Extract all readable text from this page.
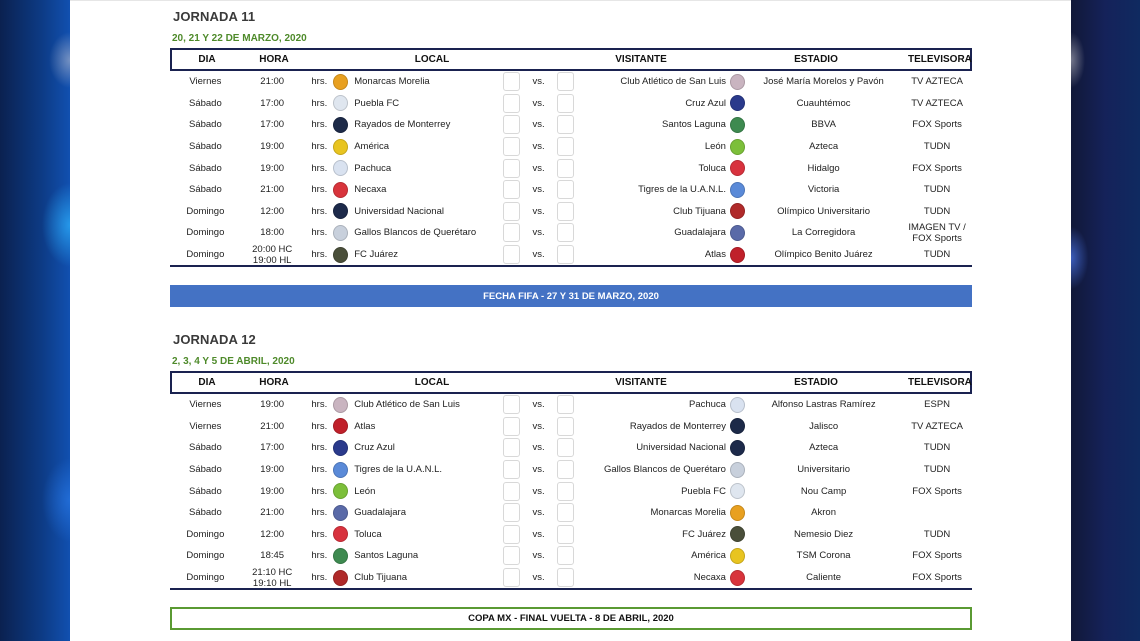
JORNADA 11
20, 21 Y 22 DE MARZO, 2020
DIA	HORA	LOCAL	VISITANTE	ESTADIO	TELEVISORA
Viernes	21:00	hrs.	Monarcas Morelia	vs.	Club Atlético de San Luis	José María Morelos y Pavón	TV AZTECA
Sábado	17:00	hrs.	Puebla FC	vs.	Cruz Azul	Cuauhtémoc	TV AZTECA
Sábado	17:00	hrs.	Rayados de Monterrey	vs.	Santos Laguna	BBVA	FOX Sports
Sábado	19:00	hrs.	América	vs.	León	Azteca	TUDN
Sábado	19:00	hrs.	Pachuca	vs.	Toluca	Hidalgo	FOX Sports
Sábado	21:00	hrs.	Necaxa	vs.	Tigres de la U.A.N.L.	Victoria	TUDN
Domingo	12:00	hrs.	Universidad Nacional	vs.	Club Tijuana	Olímpico Universitario	TUDN
Domingo	18:00	hrs.	Gallos Blancos de Querétaro	vs.	Guadalajara	La Corregidora	IMAGEN TV / FOX Sports
Domingo	20:00 HC 19:00 HL	hrs.	FC Juárez	vs.	Atlas	Olímpico Benito Juárez	TUDN
FECHA FIFA - 27 Y 31 DE MARZO, 2020
JORNADA 12
2, 3, 4 Y 5 DE ABRIL, 2020
DIA	HORA	LOCAL	VISITANTE	ESTADIO	TELEVISORA
Viernes	19:00	hrs.	Club Atlético de San Luis	vs.	Pachuca	Alfonso Lastras Ramírez	ESPN
Viernes	21:00	hrs.	Atlas	vs.	Rayados de Monterrey	Jalisco	TV AZTECA
Sábado	17:00	hrs.	Cruz Azul	vs.	Universidad Nacional	Azteca	TUDN
Sábado	19:00	hrs.	Tigres de la U.A.N.L.	vs.	Gallos Blancos de Querétaro	Universitario	TUDN
Sábado	19:00	hrs.	León	vs.	Puebla FC	Nou Camp	FOX Sports
Sábado	21:00	hrs.	Guadalajara	vs.	Monarcas Morelia	Akron
Domingo	12:00	hrs.	Toluca	vs.	FC Juárez	Nemesio Diez	TUDN
Domingo	18:45	hrs.	Santos Laguna	vs.	América	TSM Corona	FOX Sports
Domingo	21:10 HC 19:10 HL	hrs.	Club Tijuana	vs.	Necaxa	Caliente	FOX Sports
COPA MX - FINAL VUELTA - 8 DE ABRIL, 2020
